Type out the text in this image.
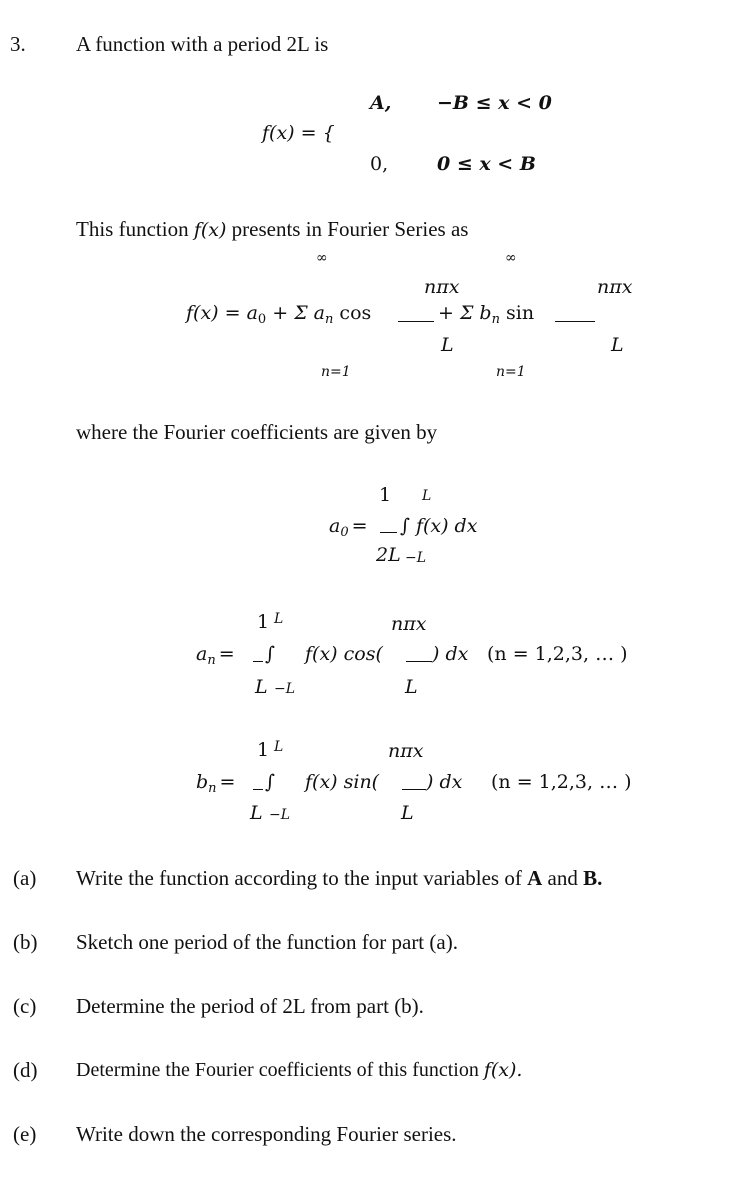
3. A function with a period 2L is
A, −B ≤ x < 0
f(x) = {
0,	0 ≤ x < B
This function f(x) presents in Fourier Series as
∞	∞
nπx	nπx
$f(x) = a_0 + \Sigma$ $a_n$ cos	+ Σ $b_n$ sin
L	L
n=1	n=1
where the Fourier coefficients are given by
1 L
$a_0$ = ∫ f(x) dx
2L −L
1 L	nπx
$a_n$ = ∫ f(x) cos(	) dx (n = 1,2,3, … )
L −L	L
1 L	nπx
$b_n$ = ∫ f(x) sin( ) dx (n = 1,2,3, … )
L −L	L
(a) Write the function according to the input variables of A and B.
(b) Sketch one period of the function for part (a).
(c) Determine the period of 2L from part (b).
(d) Determine the Fourier coefficients of this function f(x).
(e) Write down the corresponding Fourier series.
